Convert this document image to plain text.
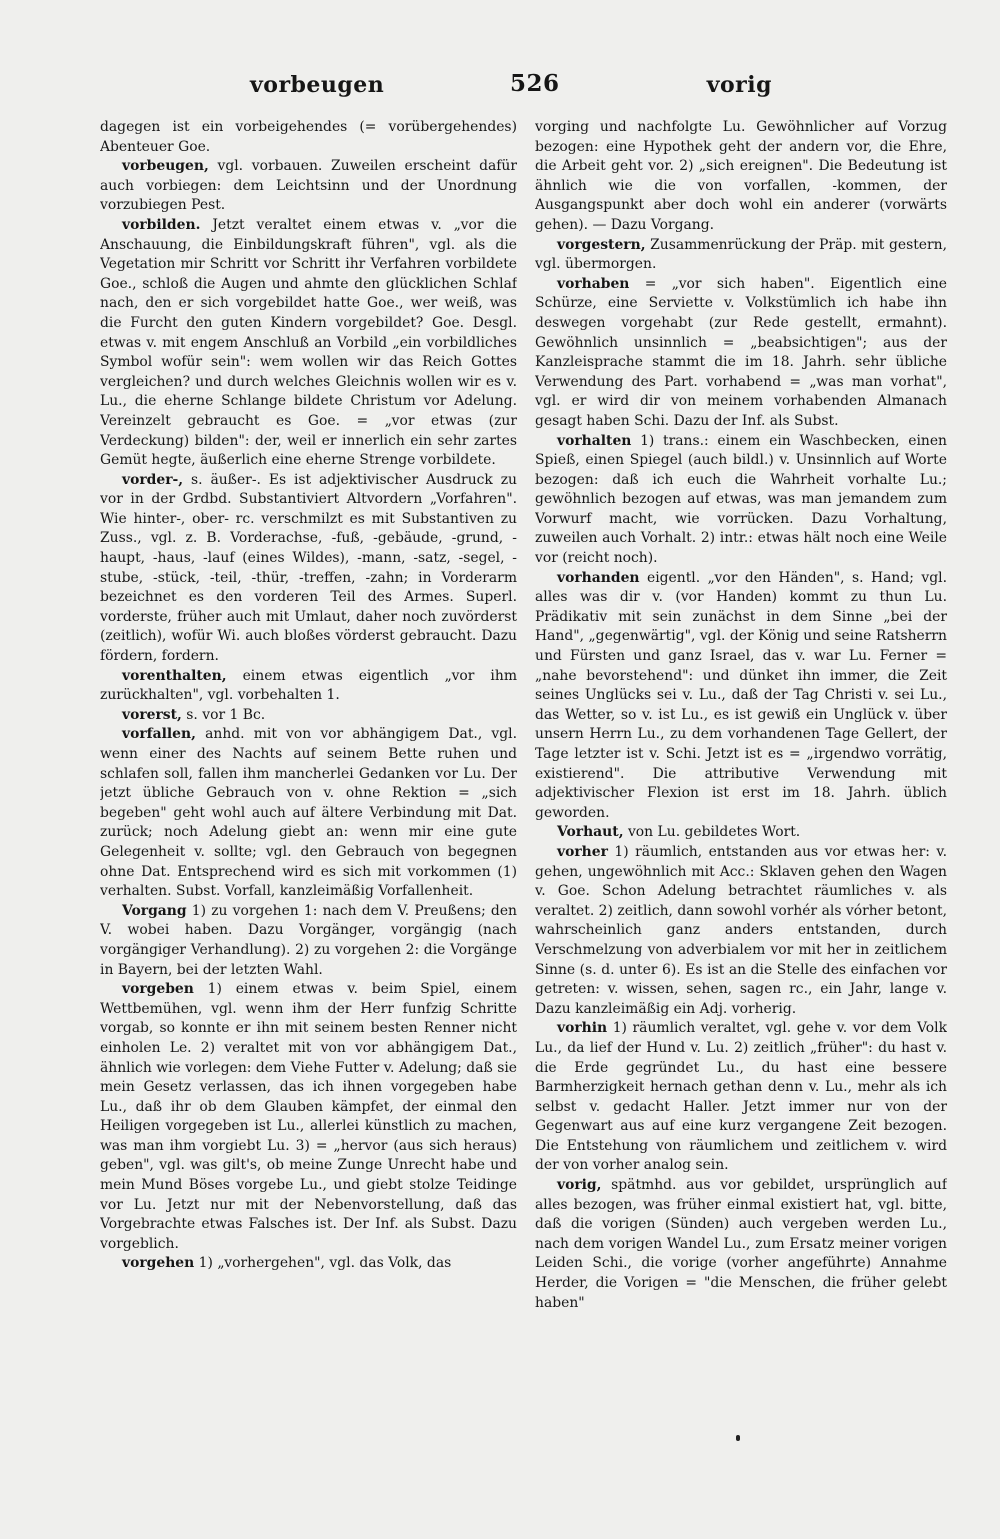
vorbeugen	526	vorig

dagegen ist ein vorbeigehendes (= vorübergehendes) Abenteuer Goe.

vorbeugen, vgl. vorbauen. Zuweilen erscheint dafür auch vorbiegen: dem Leichtsinn und der Unordnung vorzubiegen Pest.

vorbilden. Jetzt veraltet einem etwas v. „vor die Anschauung, die Einbildungskraft führen", vgl. als die Vegetation mir Schritt vor Schritt ihr Verfahren vorbildete Goe., schloß die Augen und ahmte den glücklichen Schlaf nach, den er sich vorgebildet hatte Goe., wer weiß, was die Furcht den guten Kindern vorgebildet? Goe. Desgl. etwas v. mit engem Anschluß an Vorbild „ein vorbildliches Symbol wofür sein": wem wollen wir das Reich Gottes vergleichen? und durch welches Gleichnis wollen wir es v. Lu., die eherne Schlange bildete Christum vor Adelung. Vereinzelt gebraucht es Goe. = „vor etwas (zur Verdeckung) bilden": der, weil er innerlich ein sehr zartes Gemüt hegte, äußerlich eine eherne Strenge vorbildete.

vorder-, s. äußer-. Es ist adjektivischer Ausdruck zu vor in der Grdbd. Substantiviert Altvordern „Vorfahren". Wie hinter-, ober- rc. verschmilzt es mit Substantiven zu Zuss., vgl. z. B. Vorderachse, -fuß, -gebäude, -grund, -haupt, -haus, -lauf (eines Wildes), -mann, -satz, -segel, -stube, -stück, -teil, -thür, -treffen, -zahn; in Vorderarm bezeichnet es den vorderen Teil des Armes. Superl. vorderste, früher auch mit Umlaut, daher noch zuvörderst (zeitlich), wofür Wi. auch bloßes vörderst gebraucht. Dazu fördern, fordern.

vorenthalten, einem etwas eigentlich „vor ihm zurückhalten", vgl. vorbehalten 1.

vorerst, s. vor 1 Bc.

vorfallen, anhd. mit von vor abhängigem Dat., vgl. wenn einer des Nachts auf seinem Bette ruhen und schlafen soll, fallen ihm mancherlei Gedanken vor Lu. Der jetzt übliche Gebrauch von v. ohne Rektion = „sich begeben" geht wohl auch auf ältere Verbindung mit Dat. zurück; noch Adelung giebt an: wenn mir eine gute Gelegenheit v. sollte; vgl. den Gebrauch von begegnen ohne Dat. Entsprechend wird es sich mit vorkommen (1) verhalten. Subst. Vorfall, kanzleimäßig Vorfallenheit.

Vorgang 1) zu vorgehen 1: nach dem V. Preußens; den V. wobei haben. Dazu Vorgänger, vorgängig (nach vorgängiger Verhandlung). 2) zu vorgehen 2: die Vorgänge in Bayern, bei der letzten Wahl.

vorgeben 1) einem etwas v. beim Spiel, einem Wettbemühen, vgl. wenn ihm der Herr funfzig Schritte vorgab, so konnte er ihn mit seinem besten Renner nicht einholen Le. 2) veraltet mit von vor abhängigem Dat., ähnlich wie vorlegen: dem Viehe Futter v. Adelung; daß sie mein Gesetz verlassen, das ich ihnen vorgegeben habe Lu., daß ihr ob dem Glauben kämpfet, der einmal den Heiligen vorgegeben ist Lu., allerlei künstlich zu machen, was man ihm vorgiebt Lu. 3) = „hervor (aus sich heraus) geben", vgl. was gilt's, ob meine Zunge Unrecht habe und mein Mund Böses vorgebe Lu., und giebt stolze Teidinge vor Lu. Jetzt nur mit der Nebenvorstellung, daß das Vorgebrachte etwas Falsches ist. Der Inf. als Subst. Dazu vorgeblich.

vorgehen 1) „vorhergehen", vgl. das Volk, das

vorging und nachfolgte Lu. Gewöhnlicher auf Vorzug bezogen: eine Hypothek geht der andern vor, die Ehre, die Arbeit geht vor. 2) „sich ereignen". Die Bedeutung ist ähnlich wie die von vorfallen, -kommen, der Ausgangspunkt aber doch wohl ein anderer (vorwärts gehen). — Dazu Vorgang.

vorgestern, Zusammenrückung der Präp. mit gestern, vgl. übermorgen.

vorhaben = „vor sich haben". Eigentlich eine Schürze, eine Serviette v. Volkstümlich ich habe ihn deswegen vorgehabt (zur Rede gestellt, ermahnt). Gewöhnlich unsinnlich = „beabsichtigen"; aus der Kanzleisprache stammt die im 18. Jahrh. sehr übliche Verwendung des Part. vorhabend = „was man vorhat", vgl. er wird dir von meinem vorhabenden Almanach gesagt haben Schi. Dazu der Inf. als Subst.

vorhalten 1) trans.: einem ein Waschbecken, einen Spieß, einen Spiegel (auch bildl.) v. Unsinnlich auf Worte bezogen: daß ich euch die Wahrheit vorhalte Lu.; gewöhnlich bezogen auf etwas, was man jemandem zum Vorwurf macht, wie vorrücken. Dazu Vorhaltung, zuweilen auch Vorhalt. 2) intr.: etwas hält noch eine Weile vor (reicht noch).

vorhanden eigentl. „vor den Händen", s. Hand; vgl. alles was dir v. (vor Handen) kommt zu thun Lu. Prädikativ mit sein zunächst in dem Sinne „bei der Hand", „gegenwärtig", vgl. der König und seine Ratsherrn und Fürsten und ganz Israel, das v. war Lu. Ferner = „nahe bevorstehend": und dünket ihn immer, die Zeit seines Unglücks sei v. Lu., daß der Tag Christi v. sei Lu., das Wetter, so v. ist Lu., es ist gewiß ein Unglück v. über unsern Herrn Lu., zu dem vorhandenen Tage Gellert, der Tage letzter ist v. Schi. Jetzt ist es = „irgendwo vorrätig, existierend". Die attributive Verwendung mit adjektivischer Flexion ist erst im 18. Jahrh. üblich geworden.

Vorhaut, von Lu. gebildetes Wort.

vorher 1) räumlich, entstanden aus vor etwas her: v. gehen, ungewöhnlich mit Acc.: Sklaven gehen den Wagen v. Goe. Schon Adelung betrachtet räumliches v. als veraltet. 2) zeitlich, dann sowohl vorhér als vórher betont, wahrscheinlich ganz anders entstanden, durch Verschmelzung von adverbialem vor mit her in zeitlichem Sinne (s. d. unter 6). Es ist an die Stelle des einfachen vor getreten: v. wissen, sehen, sagen rc., ein Jahr, lange v. Dazu kanzleimäßig ein Adj. vorherig.

vorhin 1) räumlich veraltet, vgl. gehe v. vor dem Volk Lu., da lief der Hund v. Lu. 2) zeitlich „früher": du hast v. die Erde gegründet Lu., du hast eine bessere Barmherzigkeit hernach gethan denn v. Lu., mehr als ich selbst v. gedacht Haller. Jetzt immer nur von der Gegenwart aus auf eine kurz vergangene Zeit bezogen. Die Entstehung von räumlichem und zeitlichem v. wird der von vorher analog sein.

vorig, spätmhd. aus vor gebildet, ursprünglich auf alles bezogen, was früher einmal existiert hat, vgl. bitte, daß die vorigen (Sünden) auch vergeben werden Lu., nach dem vorigen Wandel Lu., zum Ersatz meiner vorigen Leiden Schi., die vorige (vorher angeführte) Annahme Herder, die Vorigen = "die Menschen, die früher gelebt haben"
